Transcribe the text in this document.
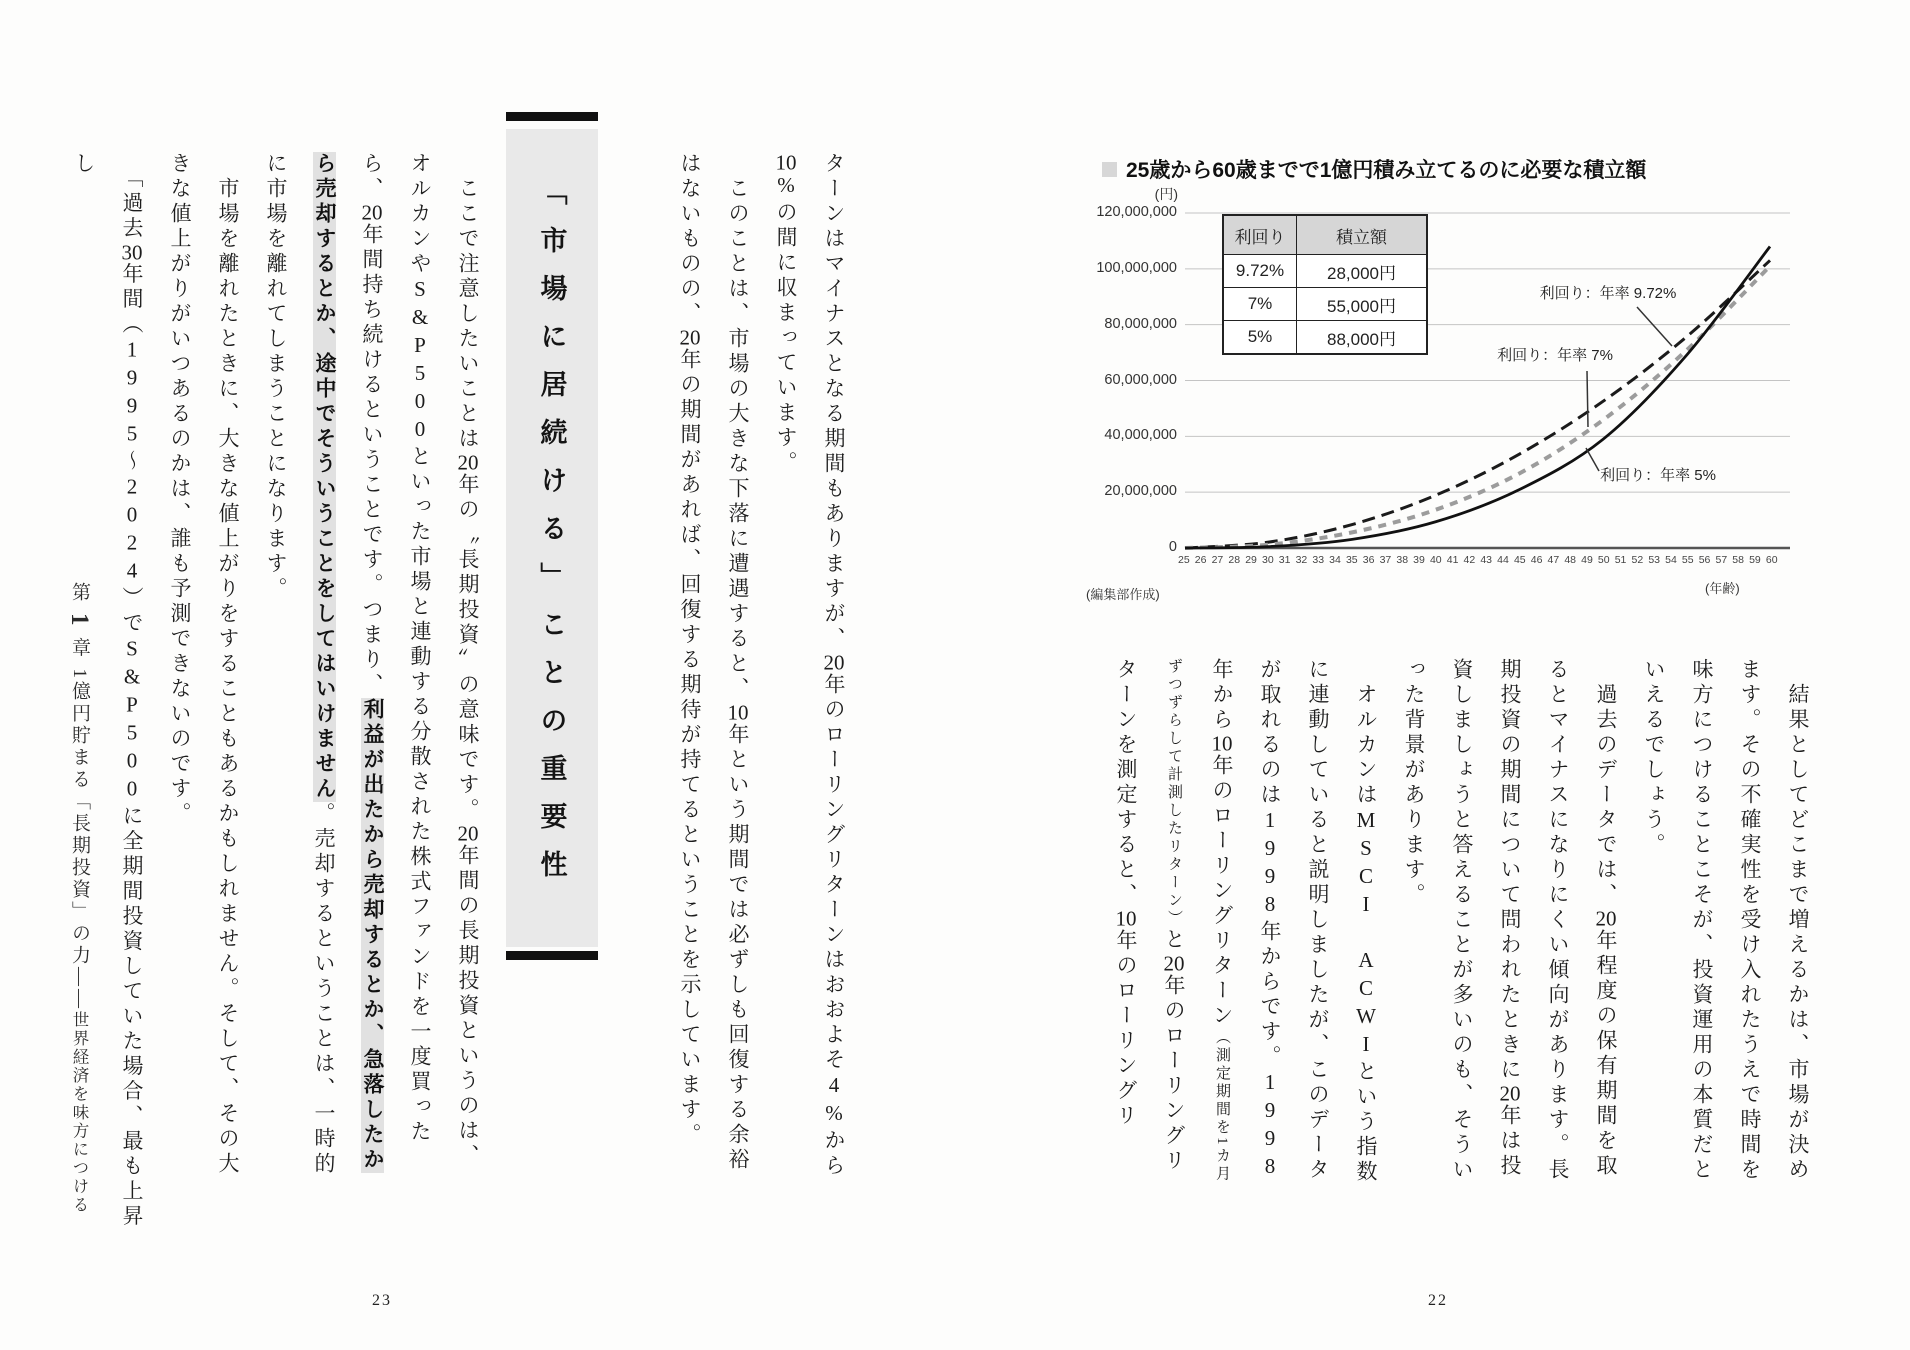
第1章1億円貯まる「長期投資」の力――世界経済を味方につける

ターンはマイナスとなる期間もありますが、20年のローリングリターンはおおよそ4%から10%の間に収まっています。

　このことは、市場の大きな下落に遭遇すると、10年という期間では必ずしも回復する余裕はないものの、20年の期間があれば、回復する期待が持てるということを示しています。

「市場に居続ける」ことの重要性

　ここで注意したいことは20年の〝長期投資〟の意味です。20年間の長期投資というのは、オルカンやS&P500といった市場と連動する分散された株式ファンドを一度買ったら、20年間持ち続けるということです。つまり、利益が出たから売却するとか、急落したから売却するとか、途中でそういうことをしてはいけません。売却するということは、一時的に市場を離れてしまうことになります。

　市場を離れたときに、大きな値上がりをすることもあるかもしれません。そして、その大きな値上がりがいつあるのかは、誰も予測できないのです。

　「過去30年間（1995〜2024）でS&P500に全期間投資していた場合、最も上昇し

23
25歳から60歳までで1億円積み立てるのに必要な積立額
(円)
120,000,000
100,000,000
80,000,000
60,000,000
40,000,000
20,000,000
0
利回り	積立額
9.72%	28,000円
7%	55,000円
5%	88,000円
利回り：年率 9.72%
利回り：年率 7%
利回り：年率 5%
25 26 27 28 29 30 31 32 33 34 35 36 37 38 39 40 41 42 43 44 45 46 47 48 49 50 51 52 53 54 55 56 57 58 59 60
(年齢)
(編集部作成)

　結果としてどこまで増えるかは、市場が決めます。その不確実性を受け入れたうえで時間を味方につけることこそが、投資運用の本質だといえるでしょう。

　過去のデータでは、20年程度の保有期間を取るとマイナスになりにくい傾向があります。長期投資の期間について問われたときに20年は投資しましょうと答えることが多いのも、そういった背景があります。

　オルカンはMSCI ACWIという指数に連動していると説明しましたが、このデータが取れるのは1998年からです。1998年から10年のローリングリターン（測定期間を1カ月ずつずらして計測したリターン）と20年のローリングリターンを測定すると、10年のローリングリ

22
